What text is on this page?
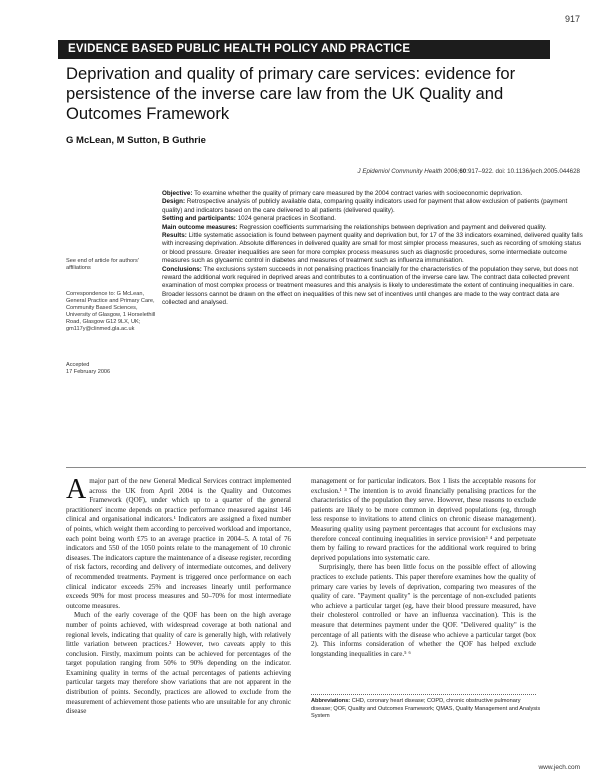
917
EVIDENCE BASED PUBLIC HEALTH POLICY AND PRACTICE
Deprivation and quality of primary care services: evidence for persistence of the inverse care law from the UK Quality and Outcomes Framework
G McLean, M Sutton, B Guthrie
J Epidemiol Community Health 2006;60:917–922. doi: 10.1136/jech.2005.044628
See end of article for authors' affiliations
Correspondence to: G McLean, General Practice and Primary Care, Community Based Sciences, University of Glasgow, 1 Horselethill Road, Glasgow G12 9LX, UK; gm117y@clinmed.gla.ac.uk
Accepted
17 February 2006

Objective: To examine whether the quality of primary care measured by the 2004 contract varies with socioeconomic deprivation.

Design: Retrospective analysis of publicly available data, comparing quality indicators used for payment that allow exclusion of patients (payment quality) and indicators based on the care delivered to all patients (delivered quality).

Setting and participants: 1024 general practices in Scotland.

Main outcome measures: Regression coefficients summarising the relationships between deprivation and payment and delivered quality.

Results: Little systematic association is found between payment quality and deprivation but, for 17 of the 33 indicators examined, delivered quality falls with increasing deprivation. Absolute differences in delivered quality are small for most simpler process measures, such as recording of smoking status or blood pressure. Greater inequalities are seen for more complex process measures such as diagnostic procedures, some intermediate outcome measures such as glycaemic control in diabetes and measures of treatment such as influenza immunisation.

Conclusions: The exclusions system succeeds in not penalising practices financially for the characteristics of the population they serve, but does not reward the additional work required in deprived areas and contributes to a continuation of the inverse care law. The contract data collected prevent examination of most complex process or treatment measures and this analysis is likely to underestimate the extent of continuing inequalities in care. Broader lessons cannot be drawn on the effect on inequalities of this new set of incentives until changes are made to the way contract data are collected and analysed.

Amajor part of the new General Medical Services contract implemented across the UK from April 2004 is the Quality and Outcomes Framework (QOF), under which up to a quarter of the general practitioners' income depends on practice performance measured against 146 clinical and organisational indicators.¹ Indicators are assigned a fixed number of points, which weight them according to perceived workload and importance, each point being worth £75 to an average practice in 2004–5. A total of 76 indicators and 550 of the 1050 points relate to the management of 10 chronic diseases. The indicators capture the maintenance of a disease register, recording of risk factors, recording and delivery of intermediate outcomes, and delivery of recommended treatments. Payment is triggered once performance on each clinical indicator exceeds 25% and increases linearly until performance exceeds 90% for most process measures and 50–70% for most intermediate outcome measures.

Much of the early coverage of the QOF has been on the high average number of points achieved, with widespread coverage at both national and regional levels, indicating that quality of care is generally high, with relatively little variation between practices.² However, two caveats apply to this conclusion. Firstly, maximum points can be achieved for percentages of the target population ranging from 50% to 90% depending on the indicator. Examining quality in terms of the actual percentages of patients achieving particular targets may therefore show variations that are not apparent in the distribution of points. Secondly, practices are allowed to exclude from the measurement of achievement those patients who are unsuitable for any chronic disease

management or for particular indicators. Box 1 lists the acceptable reasons for exclusion.¹ ³ The intention is to avoid financially penalising practices for the characteristics of the population they serve. However, these reasons to exclude patients are likely to be more common in deprived populations (eg, through less response to invitations to attend clinics on chronic disease management). Measuring quality using payment percentages that account for exclusions may therefore conceal continuing inequalities in service provision³ ⁴ and perpetuate them by failing to reward practices for the additional work required to bring deprived populations into systematic care.

Surprisingly, there has been little focus on the possible effect of allowing practices to exclude patients. This paper therefore examines how the quality of primary care varies by levels of deprivation, comparing two measures of the quality of care. "Payment quality" is the percentage of non-excluded patients who achieve a particular target (eg, have their blood pressure measured, have their cholesterol controlled or have an influenza vaccination). This is the measure that determines payment under the QOF. "Delivered quality" is the percentage of all patients with the disease who achieve a particular target (box 2). This informs consideration of whether the QOF has helped exclude longstanding inequalities in care.⁵ ⁶

Abbreviations: CHD, coronary heart disease; COPD, chronic obstructive pulmonary disease; QOF, Quality and Outcomes Framework; QMAS, Quality Management and Analysis System
www.jech.com
